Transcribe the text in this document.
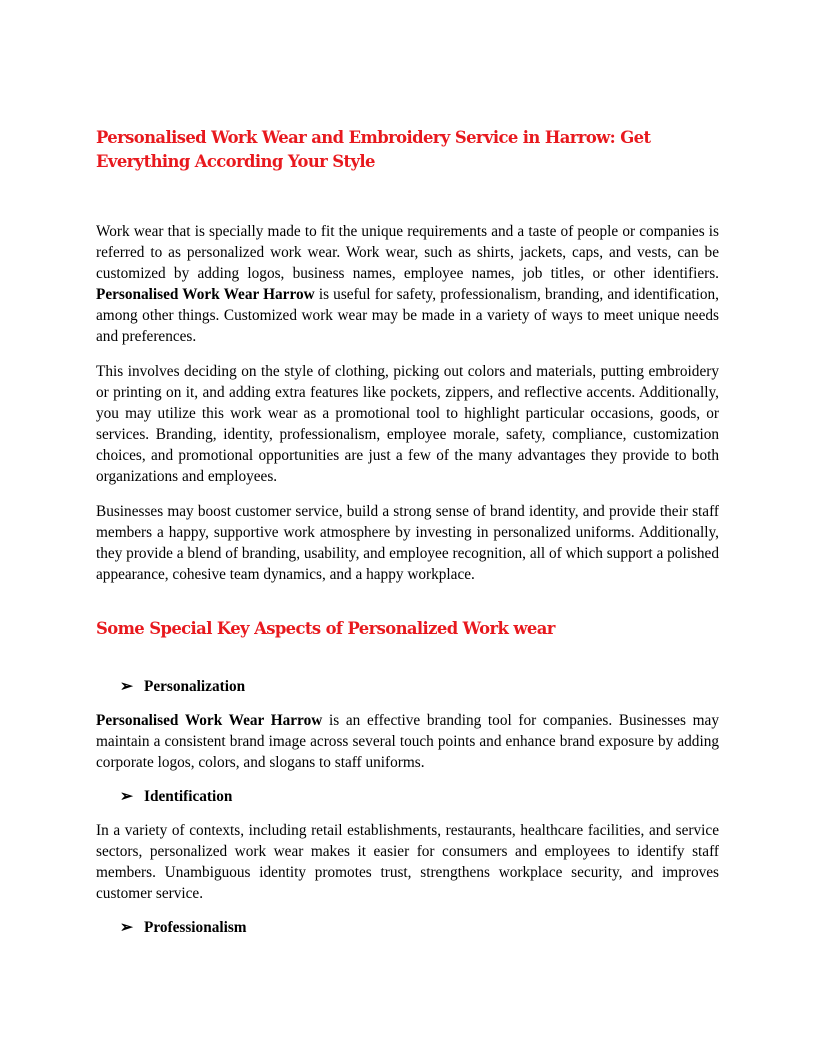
Personalised Work Wear and Embroidery Service in Harrow: Get Everything According Your Style

Work wear that is specially made to fit the unique requirements and a taste of people or companies is referred to as personalized work wear. Work wear, such as shirts, jackets, caps, and vests, can be customized by adding logos, business names, employee names, job titles, or other identifiers. Personalised Work Wear Harrow is useful for safety, professionalism, branding, and identification, among other things. Customized work wear may be made in a variety of ways to meet unique needs and preferences.

This involves deciding on the style of clothing, picking out colors and materials, putting embroidery or printing on it, and adding extra features like pockets, zippers, and reflective accents. Additionally, you may utilize this work wear as a promotional tool to highlight particular occasions, goods, or services. Branding, identity, professionalism, employee morale, safety, compliance, customization choices, and promotional opportunities are just a few of the many advantages they provide to both organizations and employees.

Businesses may boost customer service, build a strong sense of brand identity, and provide their staff members a happy, supportive work atmosphere by investing in personalized uniforms. Additionally, they provide a blend of branding, usability, and employee recognition, all of which support a polished appearance, cohesive team dynamics, and a happy workplace.

Some Special Key Aspects of Personalized Work wear
➢ Personalization

Personalised Work Wear Harrow is an effective branding tool for companies. Businesses may maintain a consistent brand image across several touch points and enhance brand exposure by adding corporate logos, colors, and slogans to staff uniforms.

➢ Identification

In a variety of contexts, including retail establishments, restaurants, healthcare facilities, and service sectors, personalized work wear makes it easier for consumers and employees to identify staff members. Unambiguous identity promotes trust, strengthens workplace security, and improves customer service.

➢ Professionalism
